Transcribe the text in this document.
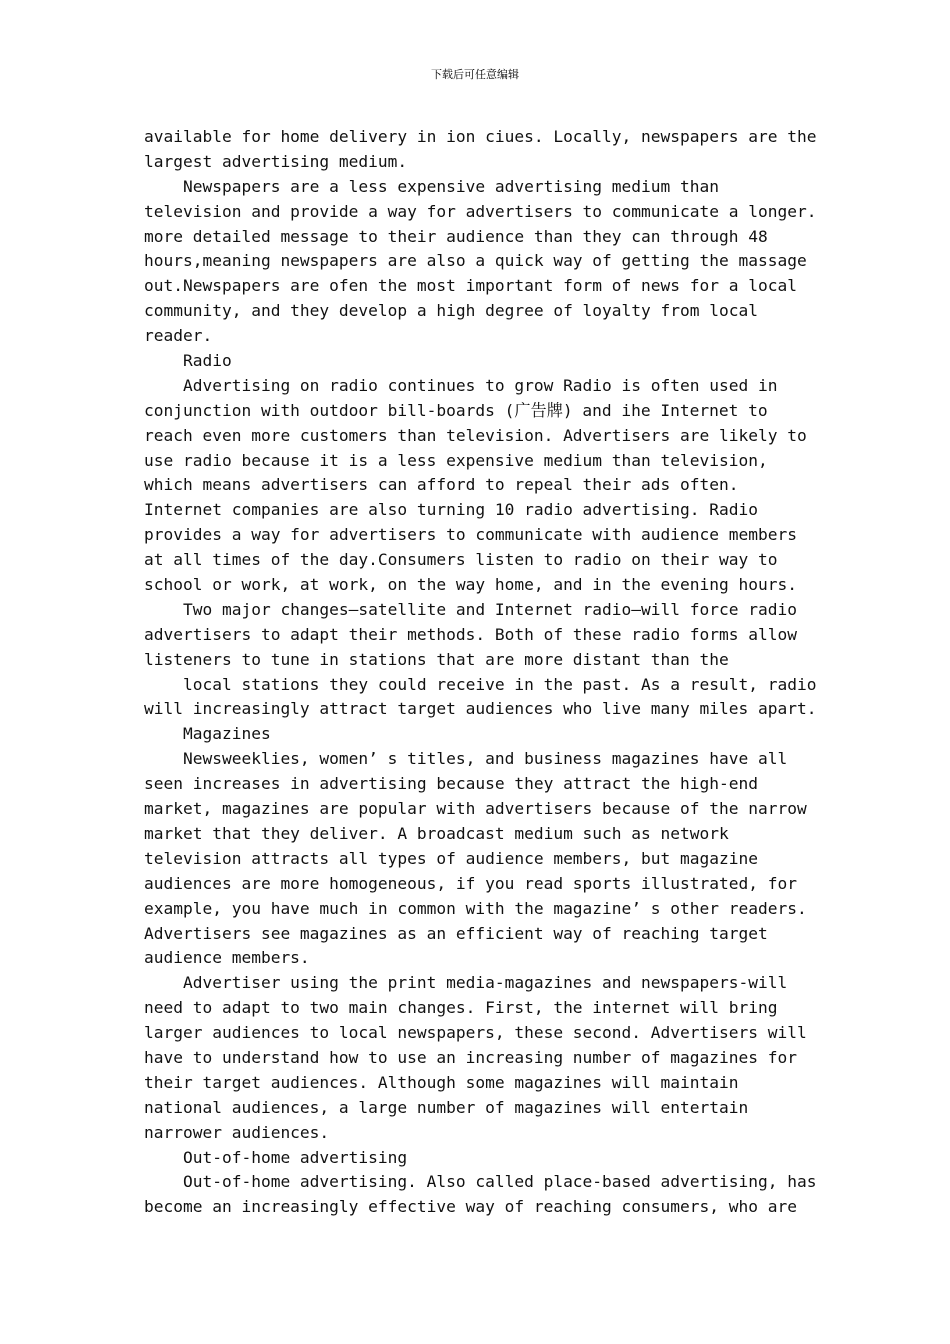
下载后可任意编辑
available for home delivery in ion ciues. Locally, newspapers are the
largest advertising medium.
Newspapers are a less expensive advertising medium than
television and provide a way for advertisers to communicate a longer.
more detailed message to their audience than they can through 48
hours,meaning newspapers are also a quick way of getting the massage
out.Newspapers are ofen the most important form of news for a local
community, and they develop a high degree of loyalty from local
reader.
Radio
Advertising on radio continues to grow Radio is often used in
conjunction with outdoor bill-boards (广告牌) and ihe Internet to
reach even more customers than television. Advertisers are likely to
use radio because it is a less expensive medium than television,
which means advertisers can afford to repeal their ads often.
Internet companies are also turning 10 radio advertising. Radio
provides a way for advertisers to communicate with audience members
at all times of the day.Consumers listen to radio on their way to
school or work, at work, on the way home, and in the evening hours.
Two major changes—satellite and Internet radio—will force radio
advertisers to adapt their methods. Both of these radio forms allow
listeners to tune in stations that are more distant than the
local stations they could receive in the past. As a result, radio
will increasingly attract target audiences who live many miles apart.
Magazines
Newsweeklies, women’ s titles, and business magazines have all
seen increases in advertising because they attract the high-end
market, magazines are popular with advertisers because of the narrow
market that they deliver. A broadcast medium such as network
television attracts all types of audience members, but magazine
audiences are more homogeneous, if you read sports illustrated, for
example, you have much in common with the magazine’ s other readers.
Advertisers see magazines as an efficient way of reaching target
audience members.
Advertiser using the print media-magazines and newspapers-will
need to adapt to two main changes. First, the internet will bring
larger audiences to local newspapers, these second. Advertisers will
have to understand how to use an increasing number of magazines for
their target audiences. Although some magazines will maintain
national audiences, a large number of magazines will entertain
narrower audiences.
Out-of-home advertising
Out-of-home advertising. Also called place-based advertising, has
become an increasingly effective way of reaching consumers, who are
